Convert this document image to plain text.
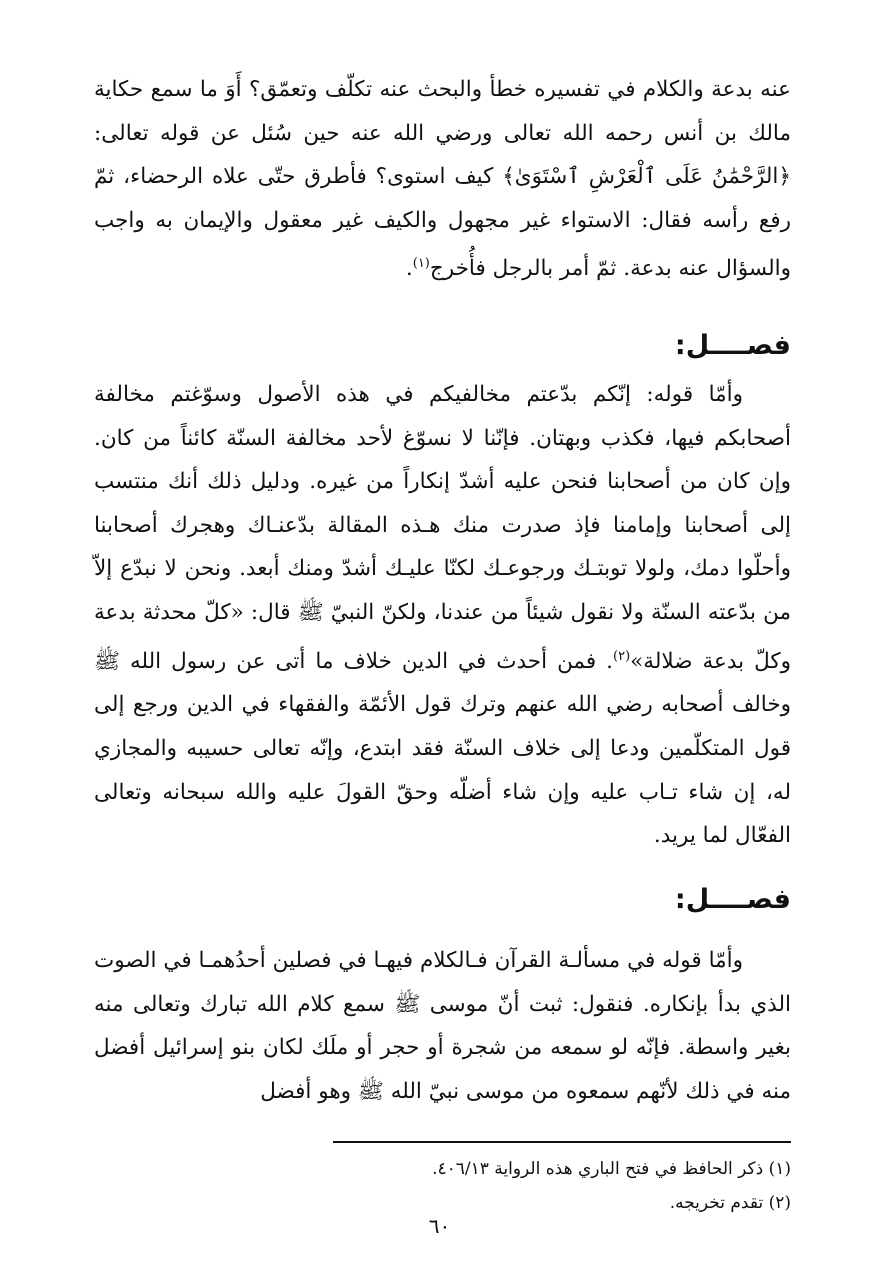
عنه بدعة والكلام في تفسيره خطأ والبحث عنه تكلّف وتعمّق؟ أَوَ ما سمع حكاية مالك بن أنس رحمه الله تعالى ورضي الله عنه حين سُئل عن قوله تعالى: ﴿الرَّحْمَٰنُ عَلَى ٱلْعَرْشِ ٱسْتَوَىٰ﴾ كيف استوى؟ فأطرق حتّى علاه الرحضاء، ثمّ رفع رأسه فقال: الاستواء غير مجهول والكيف غير معقول والإيمان به واجب والسؤال عنه بدعة. ثمّ أمر بالرجل فأُخرج$^{(١)}$.

فصــــل:

وأمّا قوله: إنّكم بدّعتم مخالفيكم في هذه الأصول وسوّغتم مخالفة أصحابكم فيها، فكذب وبهتان. فإنّنا لا نسوّغ لأحد مخالفة السنّة كائناً من كان. وإن كان من أصحابنا فنحن عليه أشدّ إنكاراً من غيره. ودليل ذلك أنك منتسب إلى أصحابنا وإمامنا فإذ صدرت منك هـذه المقالة بدّعنـاك وهجرك أصحابنا وأحلّوا دمك، ولولا توبتـك ورجوعـك لكنّا عليـك أشدّ ومنك أبعد. ونحن لا نبدّع إلاّ من بدّعته السنّة ولا نقول شيئاً من عندنا، ولكنّ النبيّ ﷺ قال: «كلّ محدثة بدعة وكلّ بدعة ضلالة»$^{(٢)}$. فمن أحدث في الدين خلاف ما أتى عن رسول الله ﷺ وخالف أصحابه رضي الله عنهم وترك قول الأئمّة والفقهاء في الدين ورجع إلى قول المتكلّمين ودعا إلى خلاف السنّة فقد ابتدع، وإنّه تعالى حسيبه والمجازي له، إن شاء تـاب عليه وإن شاء أضلّه وحقّ القولَ عليه والله سبحانه وتعالى الفعّال لما يريد.

فصــــل:

وأمّا قوله في مسألـة القرآن فـالكلام فيهـا في فصلين أحدُهمـا في الصوت الذي بدأ بإنكاره. فنقول: ثبت أنّ موسى ﷺ سمع كلام الله تبارك وتعالى منه بغير واسطة. فإنّه لو سمعه من شجرة أو حجر أو ملَك لكان بنو إسرائيل أفضل منه في ذلك لأنّهم سمعوه من موسى نبيّ الله ﷺ وهو أفضل

(١) ذكر الحافظ في فتح الباري هذه الرواية ٤٠٦/١٣.
(٢) تقدم تخريجه.
٦٠
